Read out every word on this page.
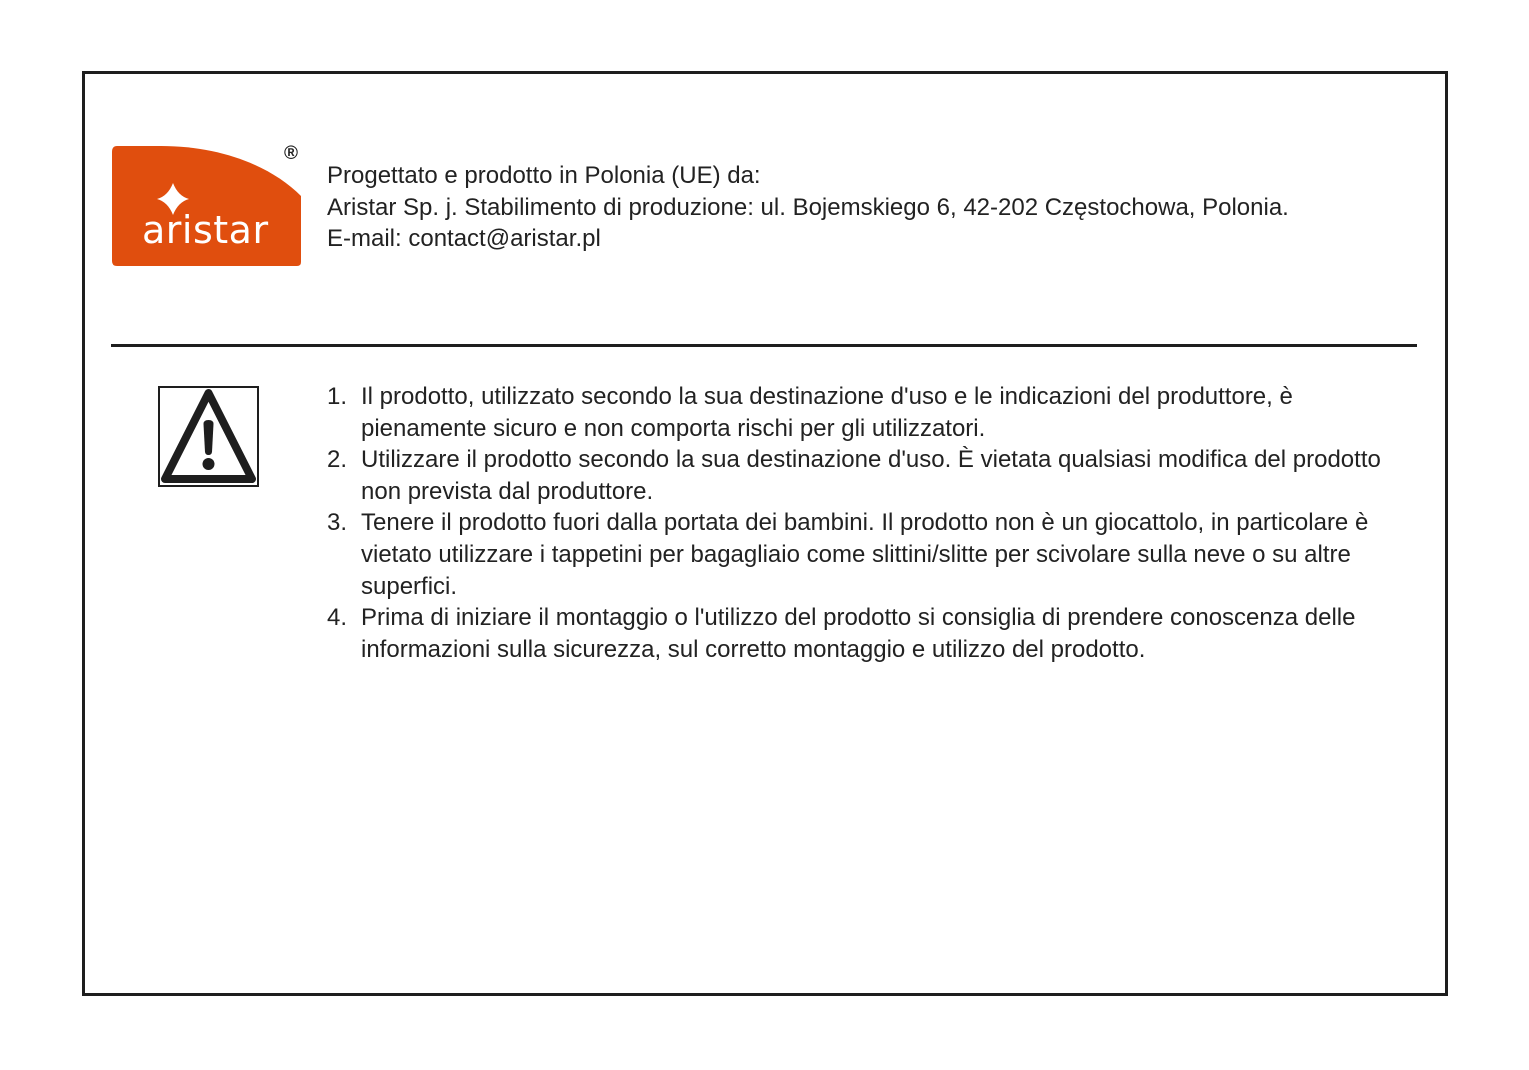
aristar
®
Progettato e prodotto in Polonia (UE) da:
Aristar Sp. j. Stabilimento di produzione: ul. Bojemskiego 6, 42-202 Częstochowa, Polonia.
E-mail: contact@aristar.pl
1. Il prodotto, utilizzato secondo la sua destinazione d'uso e le indicazioni del produttore, è pienamente sicuro e non comporta rischi per gli utilizzatori.
2. Utilizzare il prodotto secondo la sua destinazione d'uso. È vietata qualsiasi modifica del prodotto non prevista dal produttore.
3. Tenere il prodotto fuori dalla portata dei bambini. Il prodotto non è un giocattolo, in particolare è vietato utilizzare i tappetini per bagagliaio come slittini/slitte per scivolare sulla neve o su altre superfici.
4. Prima di iniziare il montaggio o l'utilizzo del prodotto si consiglia di prendere conoscenza delle informazioni sulla sicurezza, sul corretto montaggio e utilizzo del prodotto.
